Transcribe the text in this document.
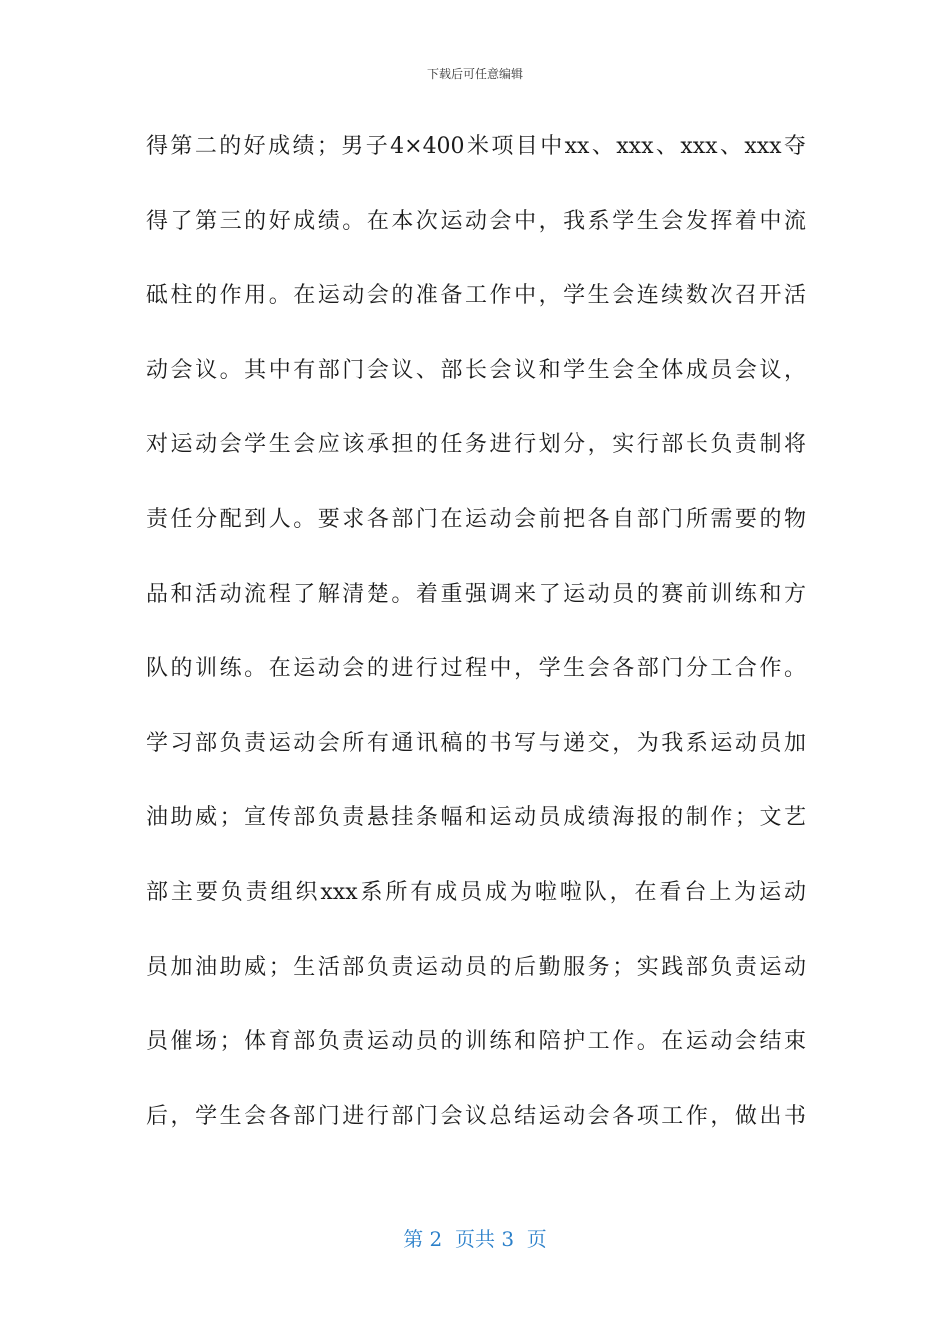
下载后可任意编辑
得第二的好成绩；男子4×400米项目中xx、xxx、xxx、xxx夺
得了第三的好成绩。在本次运动会中，我系学生会发挥着中流
砥柱的作用。在运动会的准备工作中，学生会连续数次召开活
动会议。其中有部门会议、部长会议和学生会全体成员会议，
对运动会学生会应该承担的任务进行划分，实行部长负责制将
责任分配到人。要求各部门在运动会前把各自部门所需要的物
品和活动流程了解清楚。着重强调来了运动员的赛前训练和方
队的训练。在运动会的进行过程中，学生会各部门分工合作。
学习部负责运动会所有通讯稿的书写与递交，为我系运动员加
油助威；宣传部负责悬挂条幅和运动员成绩海报的制作；文艺
部主要负责组织xxx系所有成员成为啦啦队，在看台上为运动
员加油助威；生活部负责运动员的后勤服务；实践部负责运动
员催场；体育部负责运动员的训练和陪护工作。在运动会结束
后，学生会各部门进行部门会议总结运动会各项工作，做出书
第 2  页共 3  页
